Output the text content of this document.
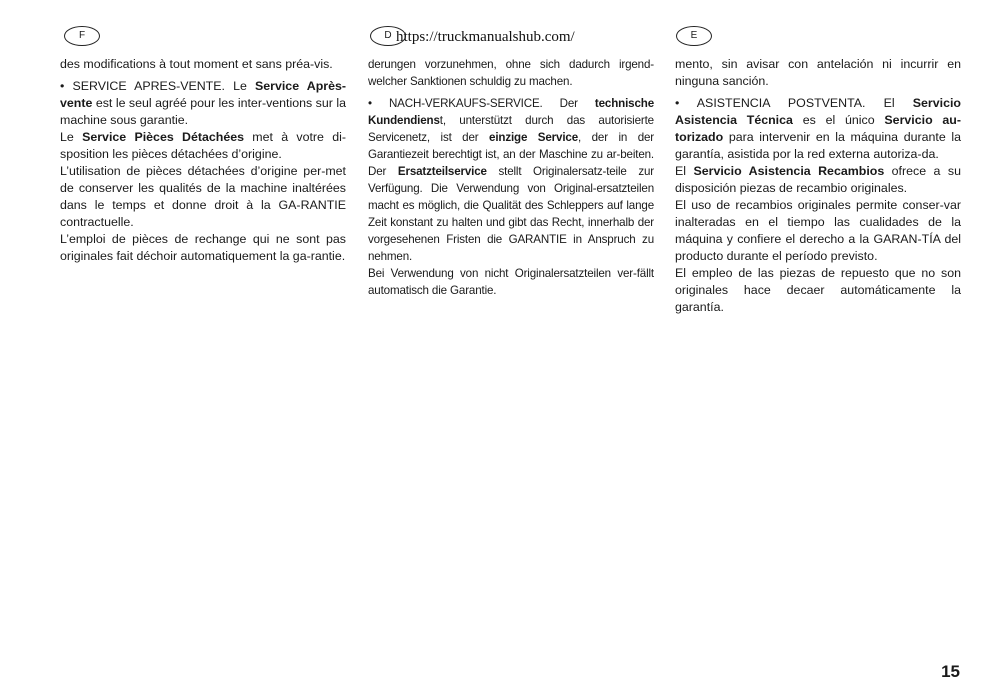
F	D	E
https://truckmanualshub.com/

des modifications à tout moment et sans préa-vis.

• SERVICE APRES-VENTE. Le Service Après-vente est le seul agréé pour les inter-ventions sur la machine sous garantie.

Le Service Pièces Détachées met à votre di-sposition les pièces détachées d’origine.

L’utilisation de pièces détachées d’origine per-met de conserver les qualités de la machine inaltérées dans le temps et donne droit à la GA-RANTIE contractuelle.

L’emploi de pièces de rechange qui ne sont pas originales fait déchoir automatiquement la ga-rantie.

derungen vorzunehmen, ohne sich dadurch irgend-welcher Sanktionen schuldig zu machen.

• NACH-VERKAUFS-SERVICE. Der technische Kundendienst, unterstützt durch das autorisierte Servicenetz, ist der einzige Service, der in der Garantiezeit berechtigt ist, an der Maschine zu ar-beiten. Der Ersatzteilservice stellt Originalersatz-teile zur Verfügung. Die Verwendung von Original-ersatzteilen macht es möglich, die Qualität des Schleppers auf lange Zeit konstant zu halten und gibt das Recht, innerhalb der vorgesehenen Fristen die GARANTIE in Anspruch zu nehmen.

Bei Verwendung von nicht Originalersatzteilen ver-fällt automatisch die Garantie.

mento, sin avisar con antelación ni incurrir en ninguna sanción.

• ASISTENCIA POSTVENTA. El Servicio Asistencia Técnica es el único Servicio au-torizado para intervenir en la máquina durante la garantía, asistida por la red externa autoriza-da.

El Servicio Asistencia Recambios ofrece a su disposición piezas de recambio originales.

El uso de recambios originales permite conser-var inalteradas en el tiempo las cualidades de la máquina y confiere el derecho a la GARAN-TÍA del producto durante el período previsto.

El empleo de las piezas de repuesto que no son originales hace decaer automáticamente la garantía.

15
